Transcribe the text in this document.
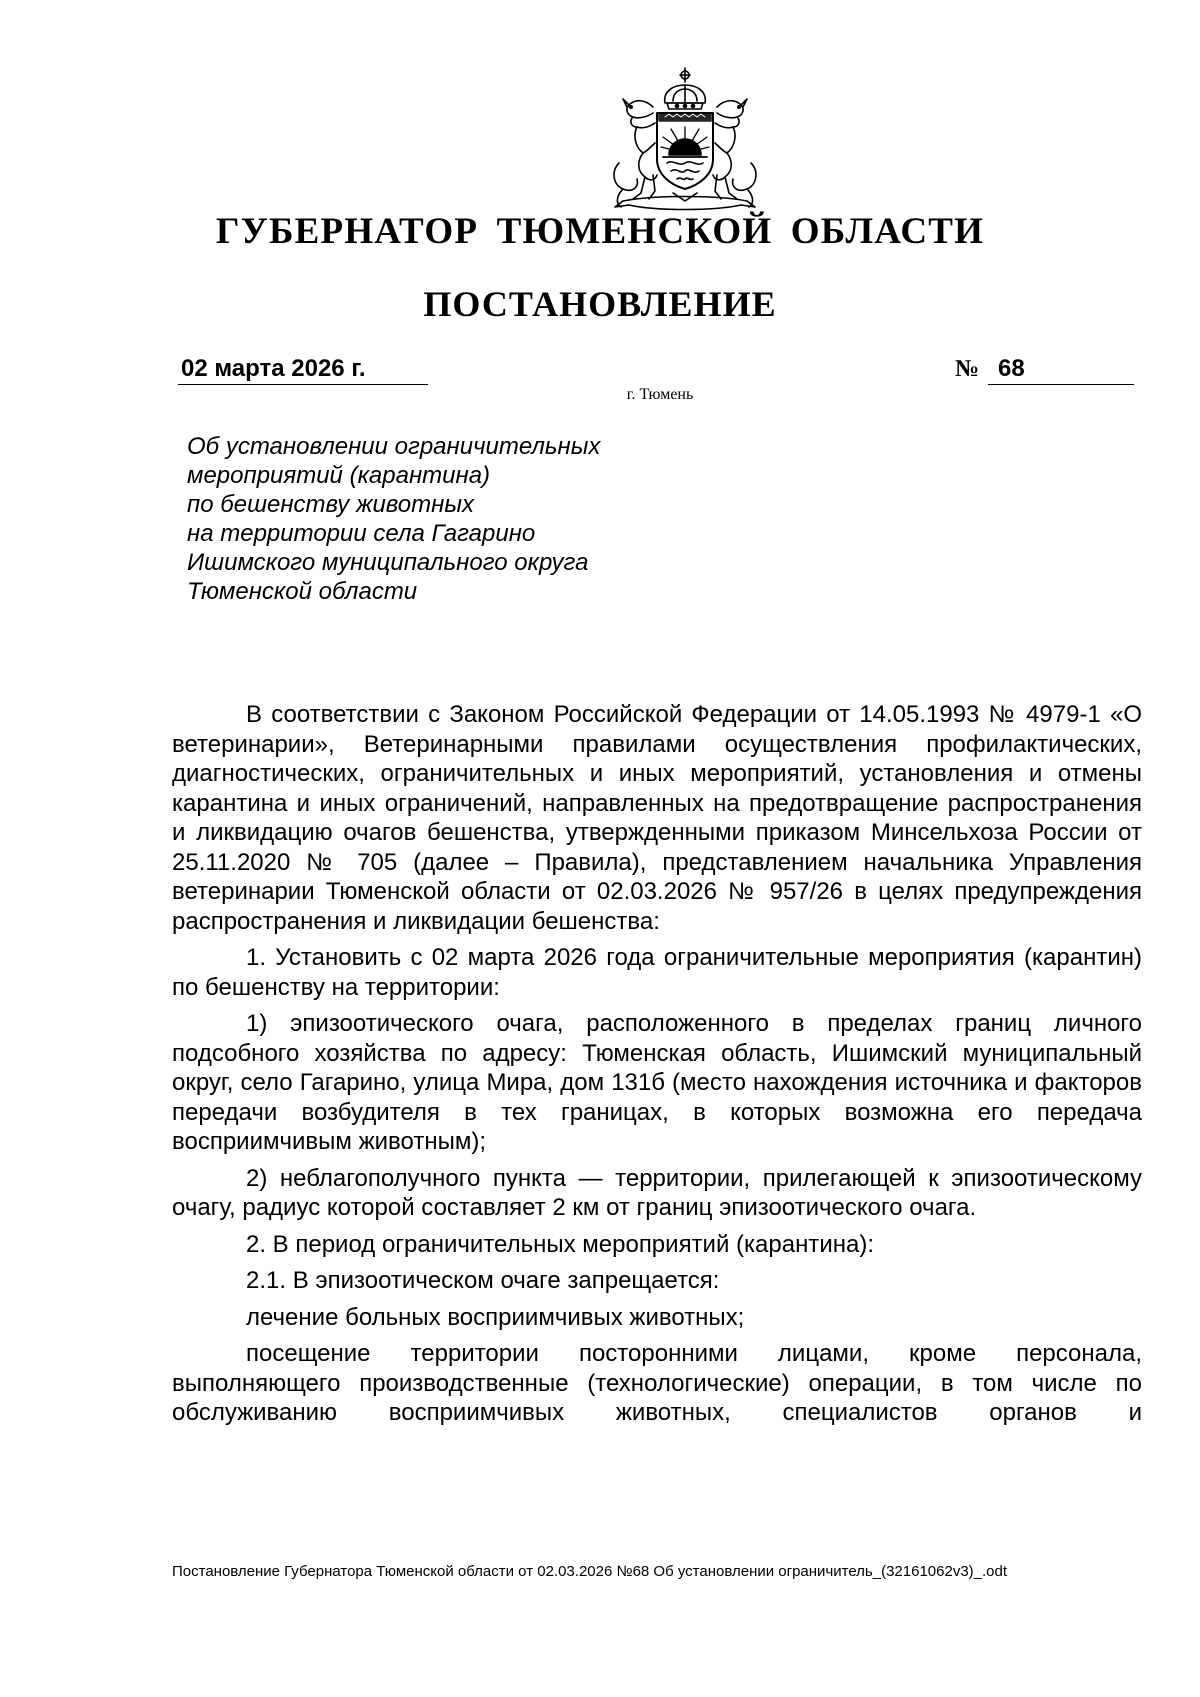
ГУБЕРНАТОР ТЮМЕНСКОЙ ОБЛАСТИ
ПОСТАНОВЛЕНИЕ
02 марта 2026 г.	№ 68
г. Тюмень
Об установлении ограничительных
мероприятий (карантина)
по бешенству животных
на территории села Гагарино
Ишимского муниципального округа
Тюменской области

В соответствии с Законом Российской Федерации от 14.05.1993 № 4979-1 «О ветеринарии», Ветеринарными правилами осуществления профилактических, диагностических, ограничительных и иных мероприятий, установления и отмены карантина и иных ограничений, направленных на предотвращение распространения и ликвидацию очагов бешенства, утвержденными приказом Минсельхоза России от 25.11.2020 № 705 (далее – Правила), представлением начальника Управления ветеринарии Тюменской области от 02.03.2026 № 957/26 в целях предупреждения распространения и ликвидации бешенства:

1. Установить с 02 марта 2026 года ограничительные мероприятия (карантин) по бешенству на территории:

1) эпизоотического очага, расположенного в пределах границ личного подсобного хозяйства по адресу: Тюменская область, Ишимский муниципальный округ, село Гагарино, улица Мира, дом 131б (место нахождения источника и факторов передачи возбудителя в тех границах, в которых возможна его передача восприимчивым животным);

2) неблагополучного пункта — территории, прилегающей к эпизоотическому очагу, радиус которой составляет 2 км от границ эпизоотического очага.

2. В период ограничительных мероприятий (карантина):

2.1. В эпизоотическом очаге запрещается:

лечение больных восприимчивых животных;

посещение территории посторонними лицами, кроме персонала, выполняющего производственные (технологические) операции, в том числе по обслуживанию восприимчивых животных, специалистов органов и

Постановление Губернатора Тюменской области от 02.03.2026 №68 Об установлении ограничитель_(32161062v3)_.odt
